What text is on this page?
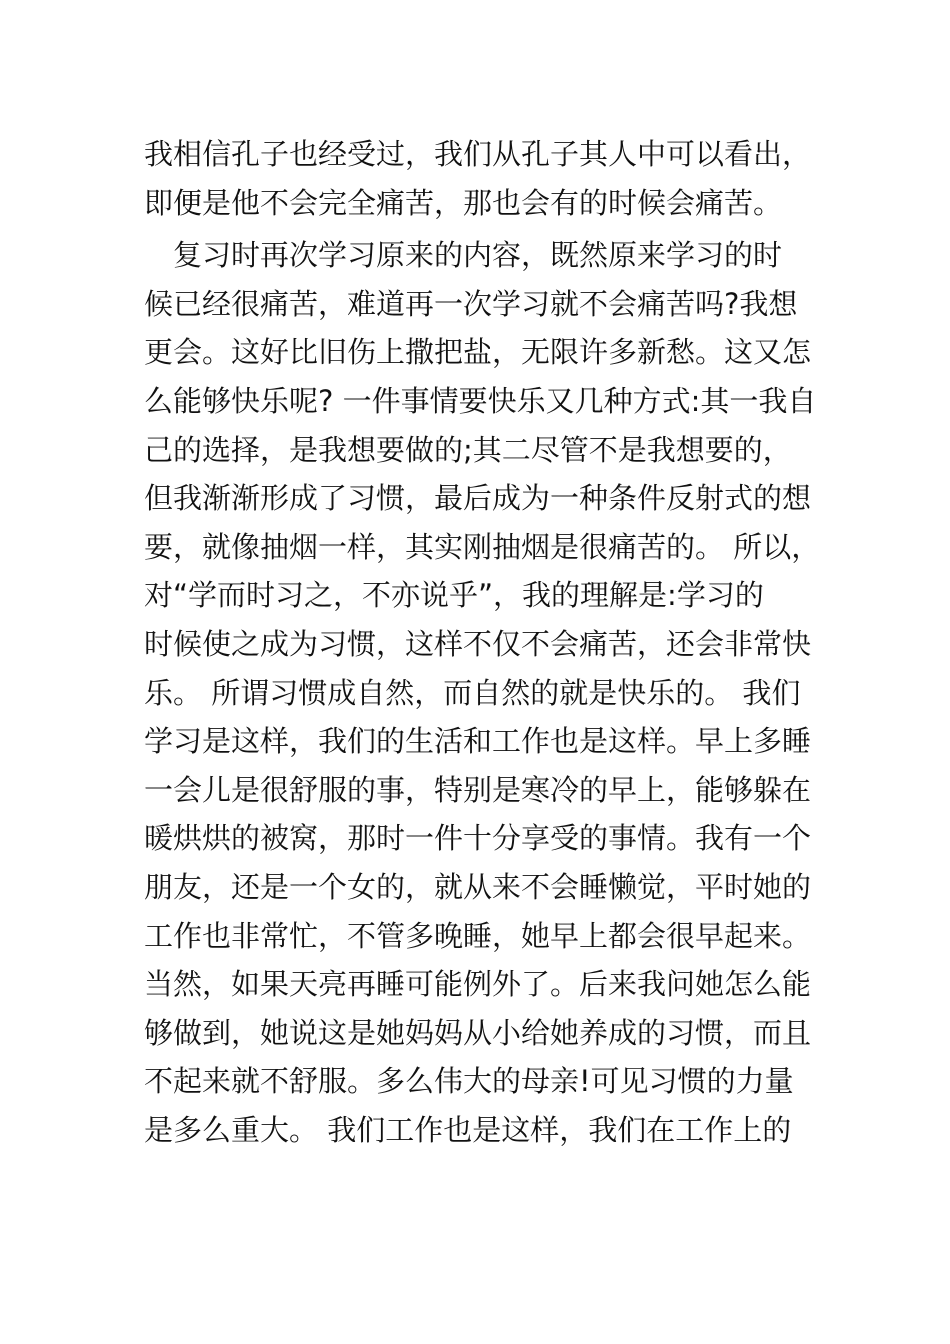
我相信孔子也经受过，我们从孔子其人中可以看出，
即便是他不会完全痛苦，那也会有的时候会痛苦。
　复习时再次学习原来的内容，既然原来学习的时
候已经很痛苦，难道再一次学习就不会痛苦吗?我想
更会。这好比旧伤上撒把盐，无限许多新愁。这又怎
么能够快乐呢? 一件事情要快乐又几种方式:其一我自
己的选择，是我想要做的;其二尽管不是我想要的，
但我渐渐形成了习惯，最后成为一种条件反射式的想
要，就像抽烟一样，其实刚抽烟是很痛苦的。 所以，
对“学而时习之，不亦说乎”，我的理解是:学习的
时候使之成为习惯，这样不仅不会痛苦，还会非常快
乐。 所谓习惯成自然，而自然的就是快乐的。 我们
学习是这样，我们的生活和工作也是这样。早上多睡
一会儿是很舒服的事，特别是寒冷的早上，能够躲在
暖烘烘的被窝，那时一件十分享受的事情。我有一个
朋友，还是一个女的，就从来不会睡懒觉，平时她的
工作也非常忙，不管多晚睡，她早上都会很早起来。
当然，如果天亮再睡可能例外了。后来我问她怎么能
够做到，她说这是她妈妈从小给她养成的习惯，而且
不起来就不舒服。多么伟大的母亲!可见习惯的力量
是多么重大。 我们工作也是这样，我们在工作上的
